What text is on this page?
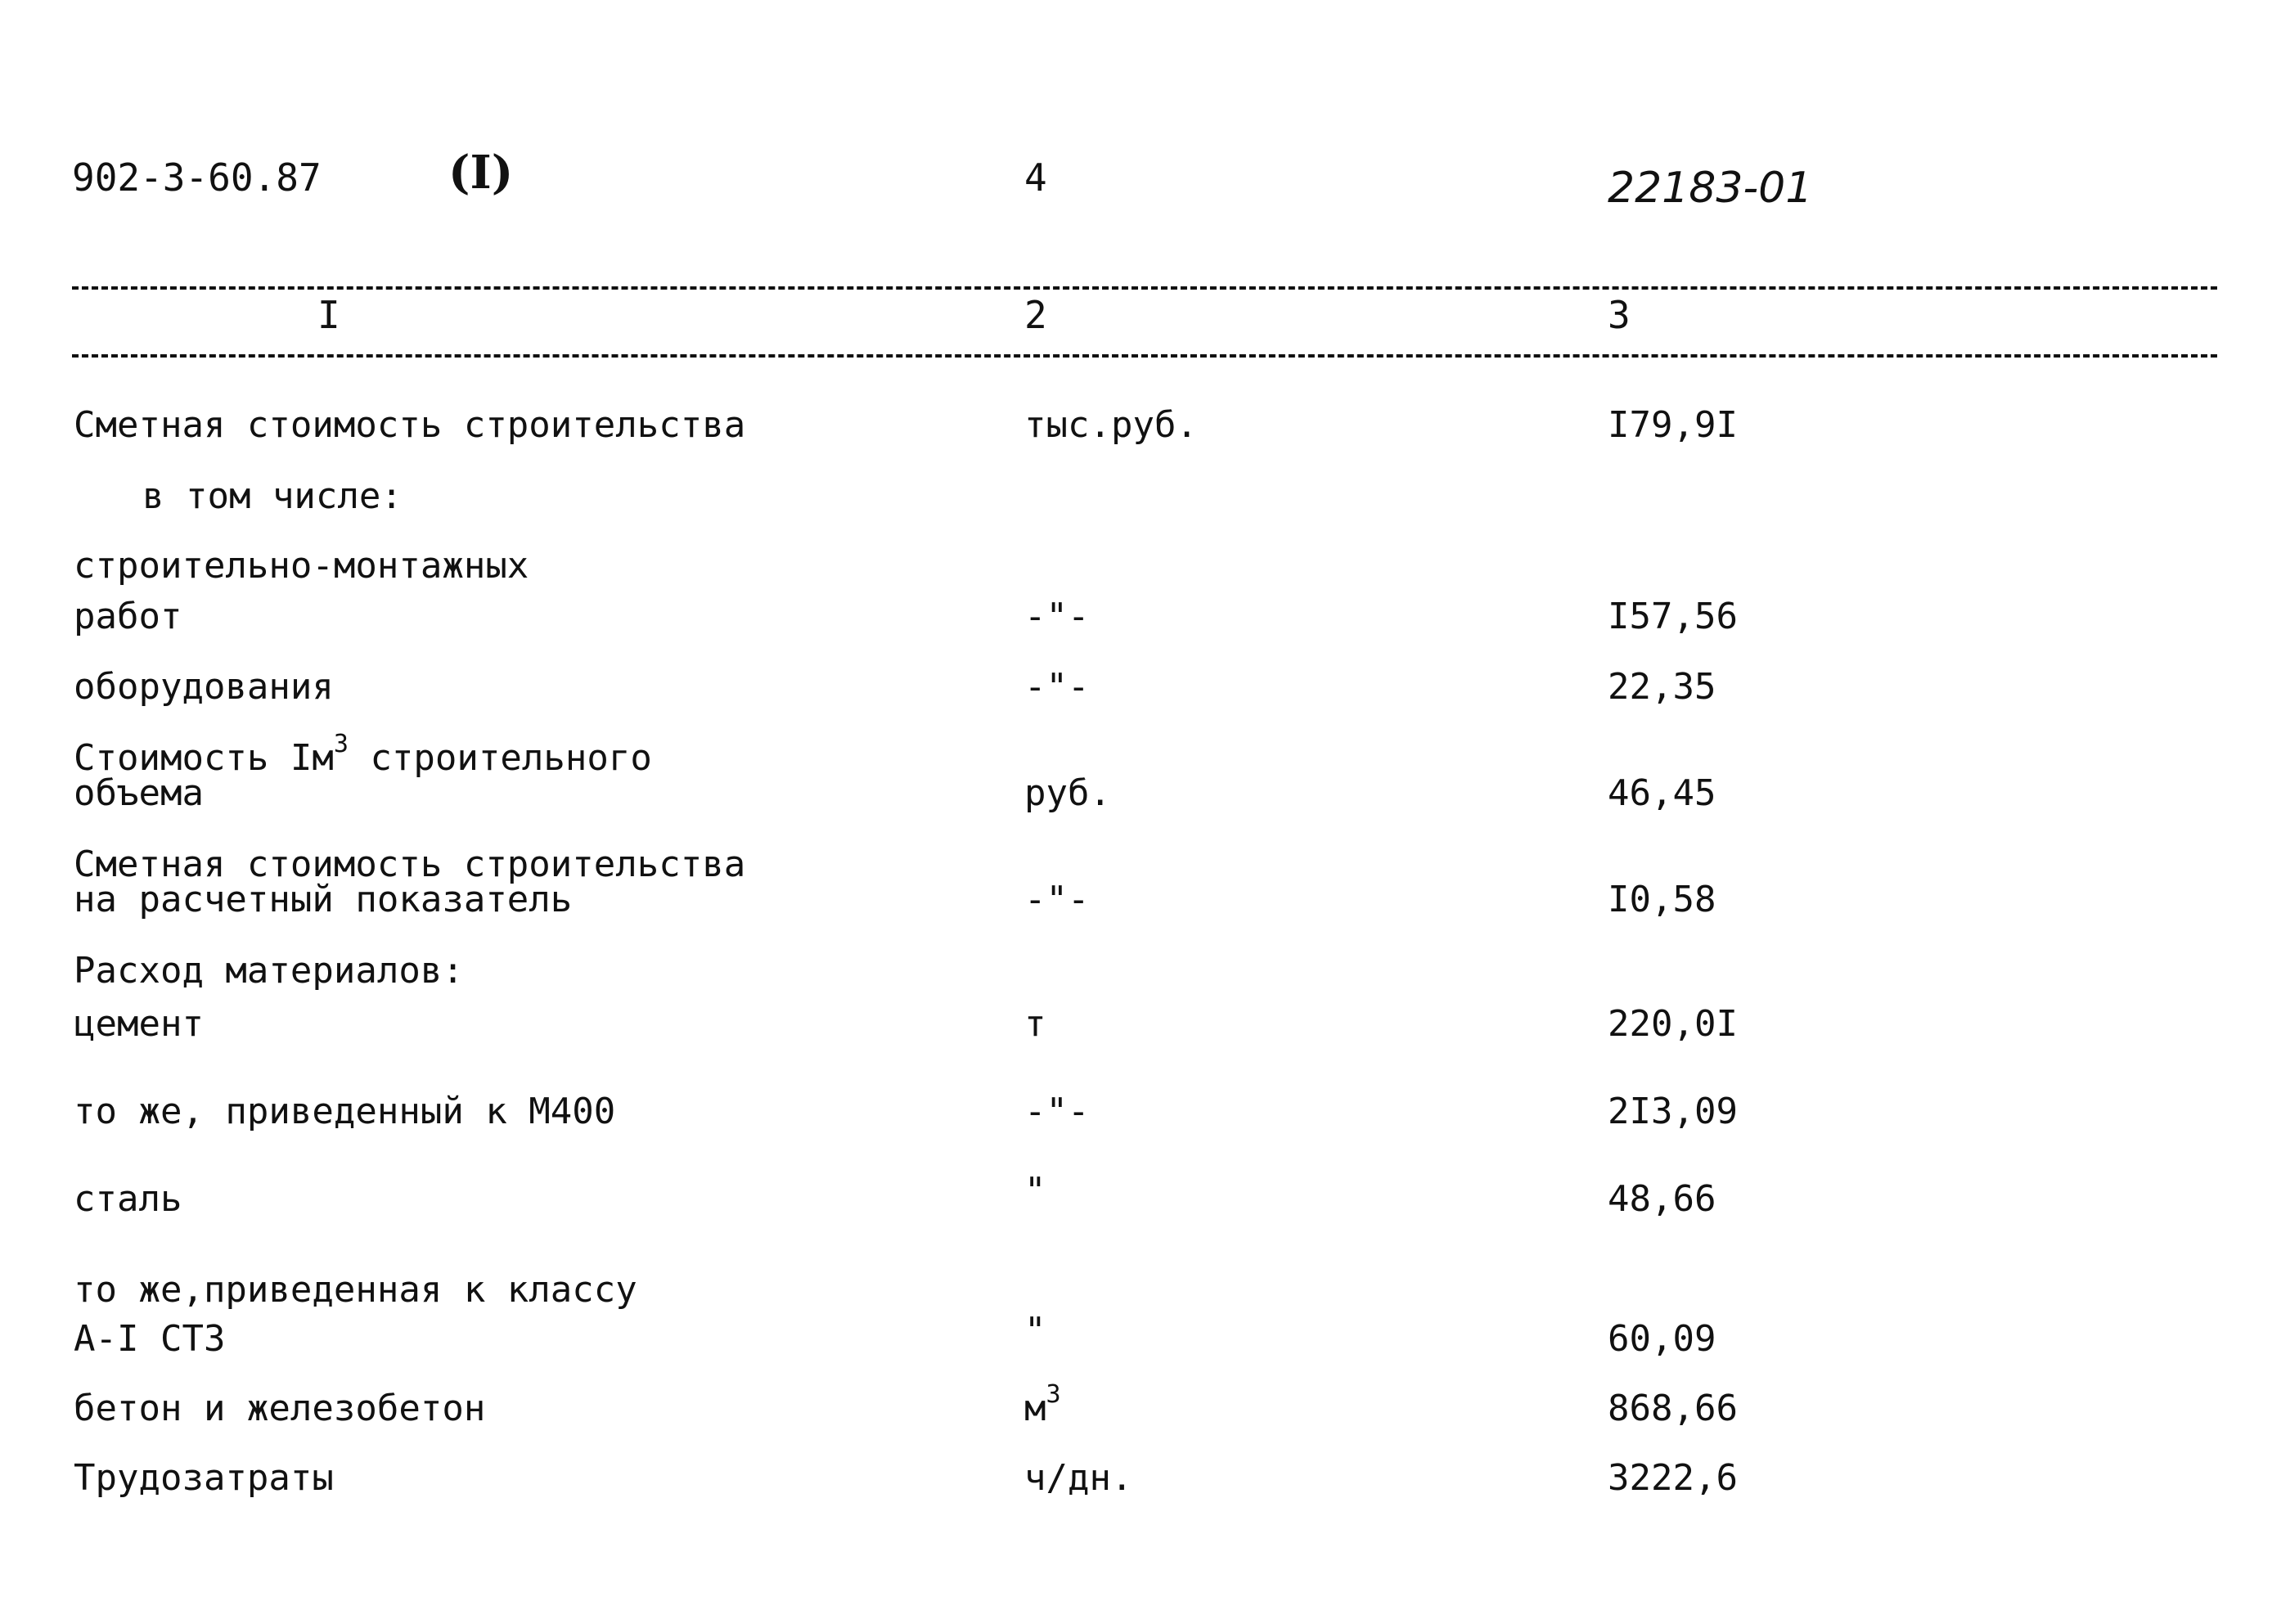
902-3-60.87	(I)	4	22183-01
I	2	3
Сметная стоимость строительства	тыс.руб.	I79,9I
в том числе:
строительно-монтажных
работ	-"-	I57,56
оборудования	-"-	22,35
Стоимость $Iм^3$ строительного
объема	руб.	46,45
Сметная стоимость строительства
на расчетный показатель	-"-	I0,58
Расход материалов:
цемент	т	220,0I
то же, приведенный к М400	-"-	2I3,09
сталь	"	48,66
то же,приведенная к классу
А-I СТ3	"	60,09
бетон и железобетон	$м^3$	868,66
Трудозатраты	ч/дн.	3222,6
